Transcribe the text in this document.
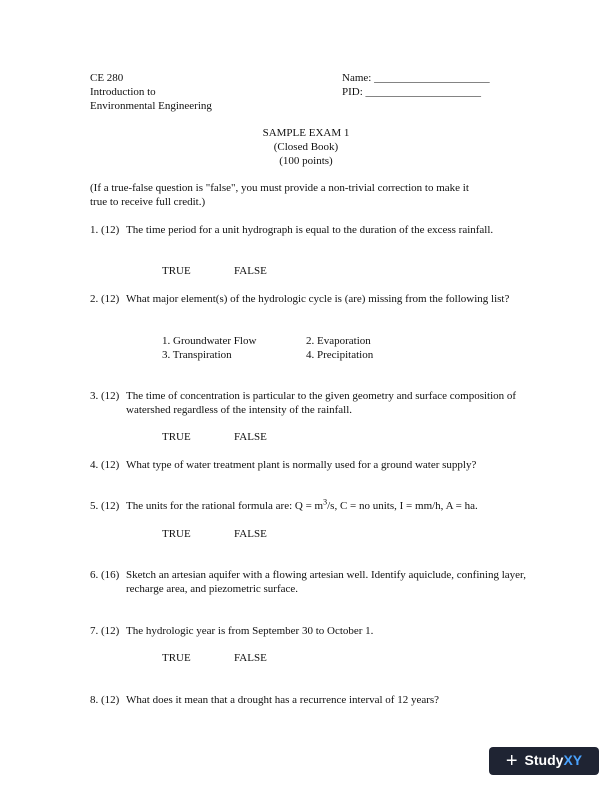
CE 280
Introduction to
Environmental Engineering
Name: _____________________
PID: _____________________
SAMPLE EXAM 1
(Closed Book)
(100 points)
(If a true-false question is "false", you must provide a non-trivial correction to make it
true to receive full credit.)
1. (12) The time period for a unit hydrograph is equal to the duration of the excess rainfall.
TRUE	FALSE
2. (12) What major element(s) of the hydrologic cycle is (are) missing from the following list?
1. Groundwater Flow	2. Evaporation
3. Transpiration	4. Precipitation
3. (12) The time of concentration is particular to the given geometry and surface composition of watershed regardless of the intensity of the rainfall.
TRUE	FALSE
4. (12) What type of water treatment plant is normally used for a ground water supply?
5. (12) The units for the rational formula are: $Q = m^3/s$, C = no units, I = mm/h, A = ha.
TRUE	FALSE
6. (16) Sketch an artesian aquifer with a flowing artesian well. Identify aquiclude, confining layer, recharge area, and piezometric surface.
7. (12) The hydrologic year is from September 30 to October 1.
TRUE	FALSE
8. (12) What does it mean that a drought has a recurrence interval of 12 years?
+ StudyXY
